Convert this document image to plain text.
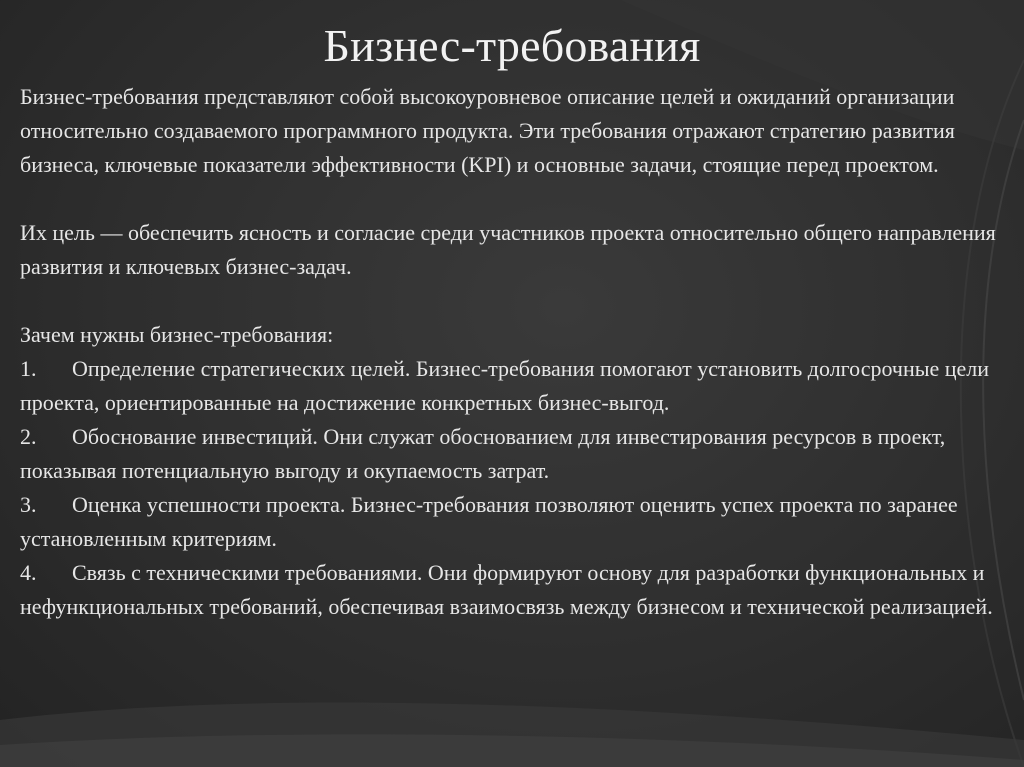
Бизнес-требования

Бизнес-требования представляют собой высокоуровневое описание целей и ожиданий организации относительно создаваемого программного продукта. Эти требования отражают стратегию развития бизнеса, ключевые показатели эффективности (KPI) и основные задачи, стоящие перед проектом.

Их цель — обеспечить ясность и согласие среди участников проекта относительно общего направления развития и ключевых бизнес-задач.

Зачем нужны бизнес-требования:

1. Определение стратегических целей. Бизнес-требования помогают установить долгосрочные цели проекта, ориентированные на достижение конкретных бизнес-выгод.
2. Обоснование инвестиций. Они служат обоснованием для инвестирования ресурсов в проект, показывая потенциальную выгоду и окупаемость затрат.
3. Оценка успешности проекта. Бизнес-требования позволяют оценить успех проекта по заранее установленным критериям.
4. Связь с техническими требованиями. Они формируют основу для разработки функциональных и нефункциональных требований, обеспечивая взаимосвязь между бизнесом и технической реализацией.
